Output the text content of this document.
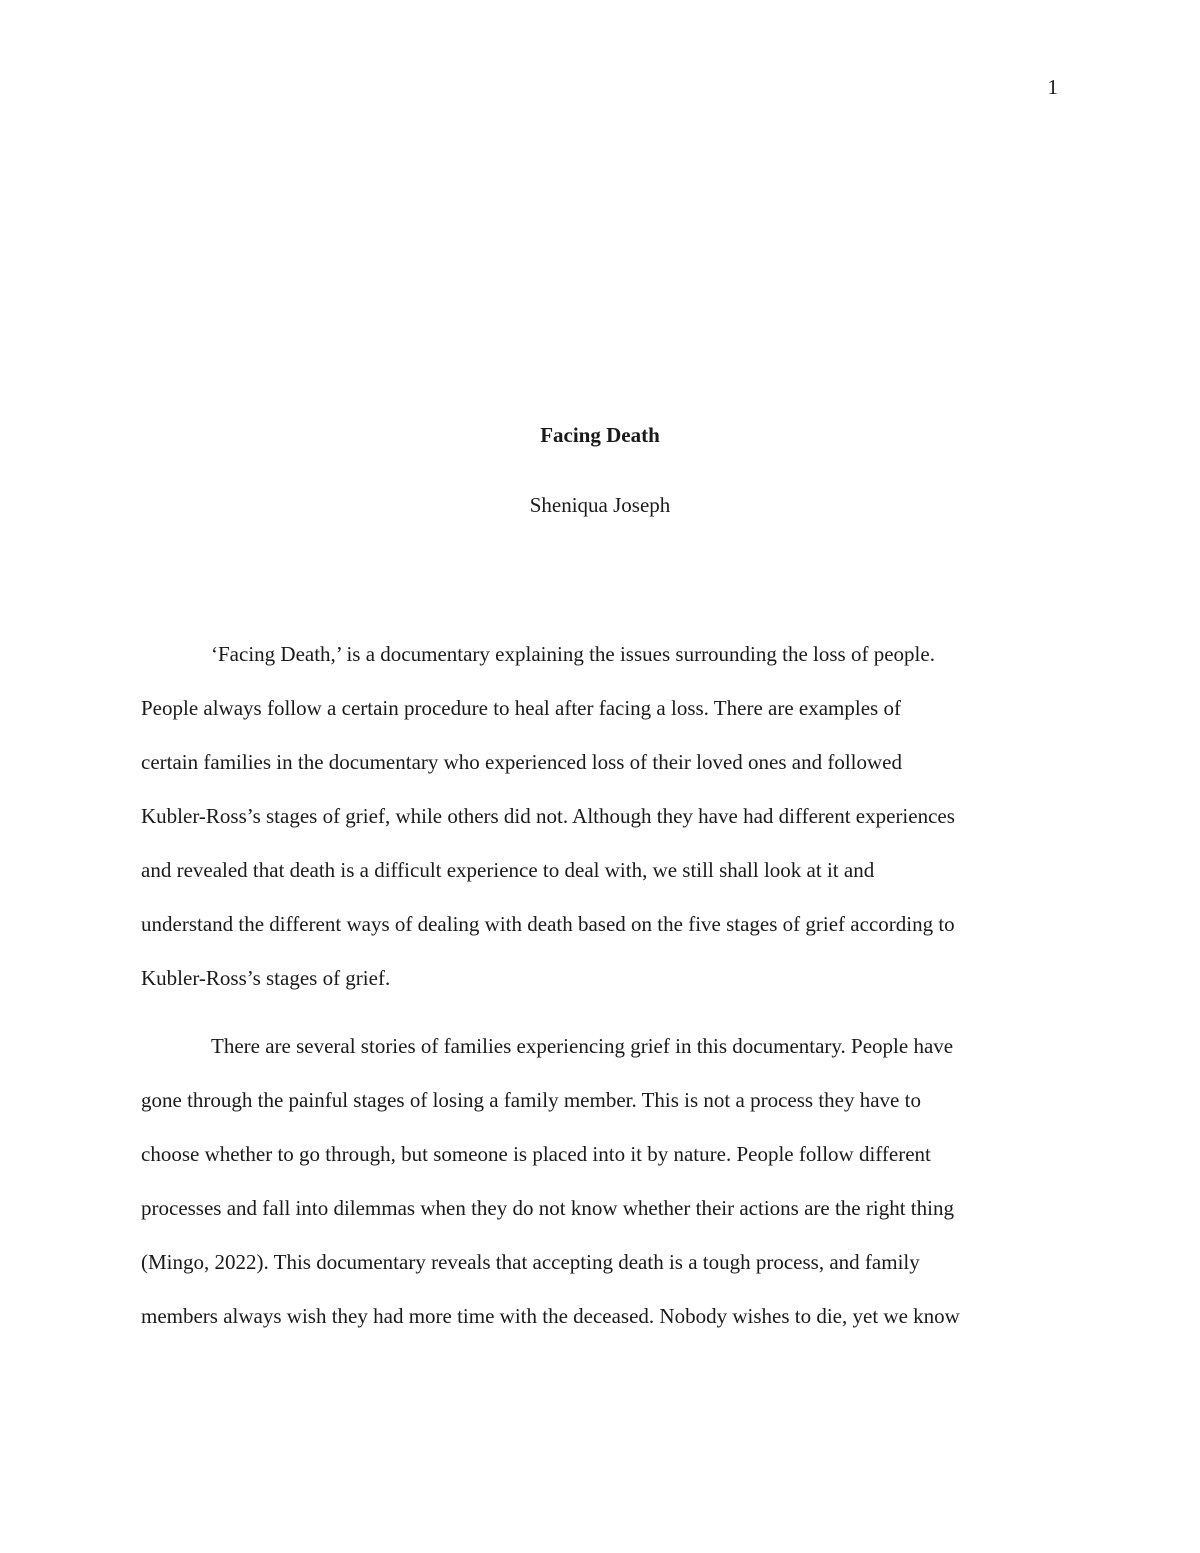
1
Facing Death

Sheniqua Joseph

‘Facing Death,’ is a documentary explaining the issues surrounding the loss of people.
People always follow a certain procedure to heal after facing a loss. There are examples of
certain families in the documentary who experienced loss of their loved ones and followed
Kubler-Ross’s stages of grief, while others did not. Although they have had different experiences
and revealed that death is a difficult experience to deal with, we still shall look at it and
understand the different ways of dealing with death based on the five stages of grief according to
Kubler-Ross’s stages of grief.

There are several stories of families experiencing grief in this documentary. People have
gone through the painful stages of losing a family member. This is not a process they have to
choose whether to go through, but someone is placed into it by nature. People follow different
processes and fall into dilemmas when they do not know whether their actions are the right thing
(Mingo, 2022). This documentary reveals that accepting death is a tough process, and family
members always wish they had more time with the deceased. Nobody wishes to die, yet we know
